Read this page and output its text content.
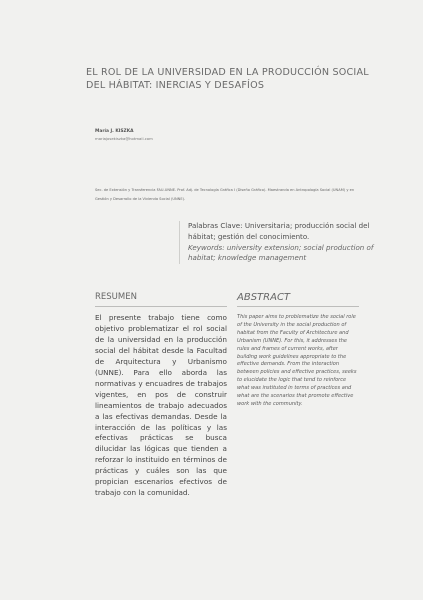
EL ROL DE LA UNIVERSIDAD EN LA PRODUCCIÓN SOCIAL DEL HÁBITAT: INERCIAS Y DESAFÍOS
María J. KISZKA
mariajosekiszka@hotmail.com

Sec. de Extensión y Transferencia FAU-UNNE. Prof. Adj. de Tecnología Gráfica I (Diseño Gráfico). Maestranda en Antropología Social (UNAM) y en Gestión y Desarrollo de la Vivienda Social (UNNE).

Palabras Clave: Universitaria; producción social del hábitat; gestión del conocimiento.

Keywords: university extension; social production of habitat; knowledge management

RESUMEN

El presente trabajo tiene como objetivo problematizar el rol social de la universidad en la producción social del hábitat desde la Facultad de Arquitectura y Urbanismo (UNNE). Para ello aborda las normativas y encuadres de trabajos vigentes, en pos de construir lineamientos de trabajo adecuados a las efectivas demandas. Desde la interacción de las políticas y las efectivas prácticas se busca dilucidar las lógicas que tienden a reforzar lo instituido en términos de prácticas y cuáles son las que propician escenarios efectivos de trabajo con la comunidad.

ABSTRACT

This paper aims to problematize the social role of the University in the social production of habitat from the Faculty of Architecture and Urbanism (UNNE). For this, it addresses the rules and frames of current works, after building work guidelines appropriate to the effective demands. From the interaction between policies and effective practices, seeks to elucidate the logic that tend to reinforce what was instituted in terms of practices and what are the scenarios that promote effective work with the community.
